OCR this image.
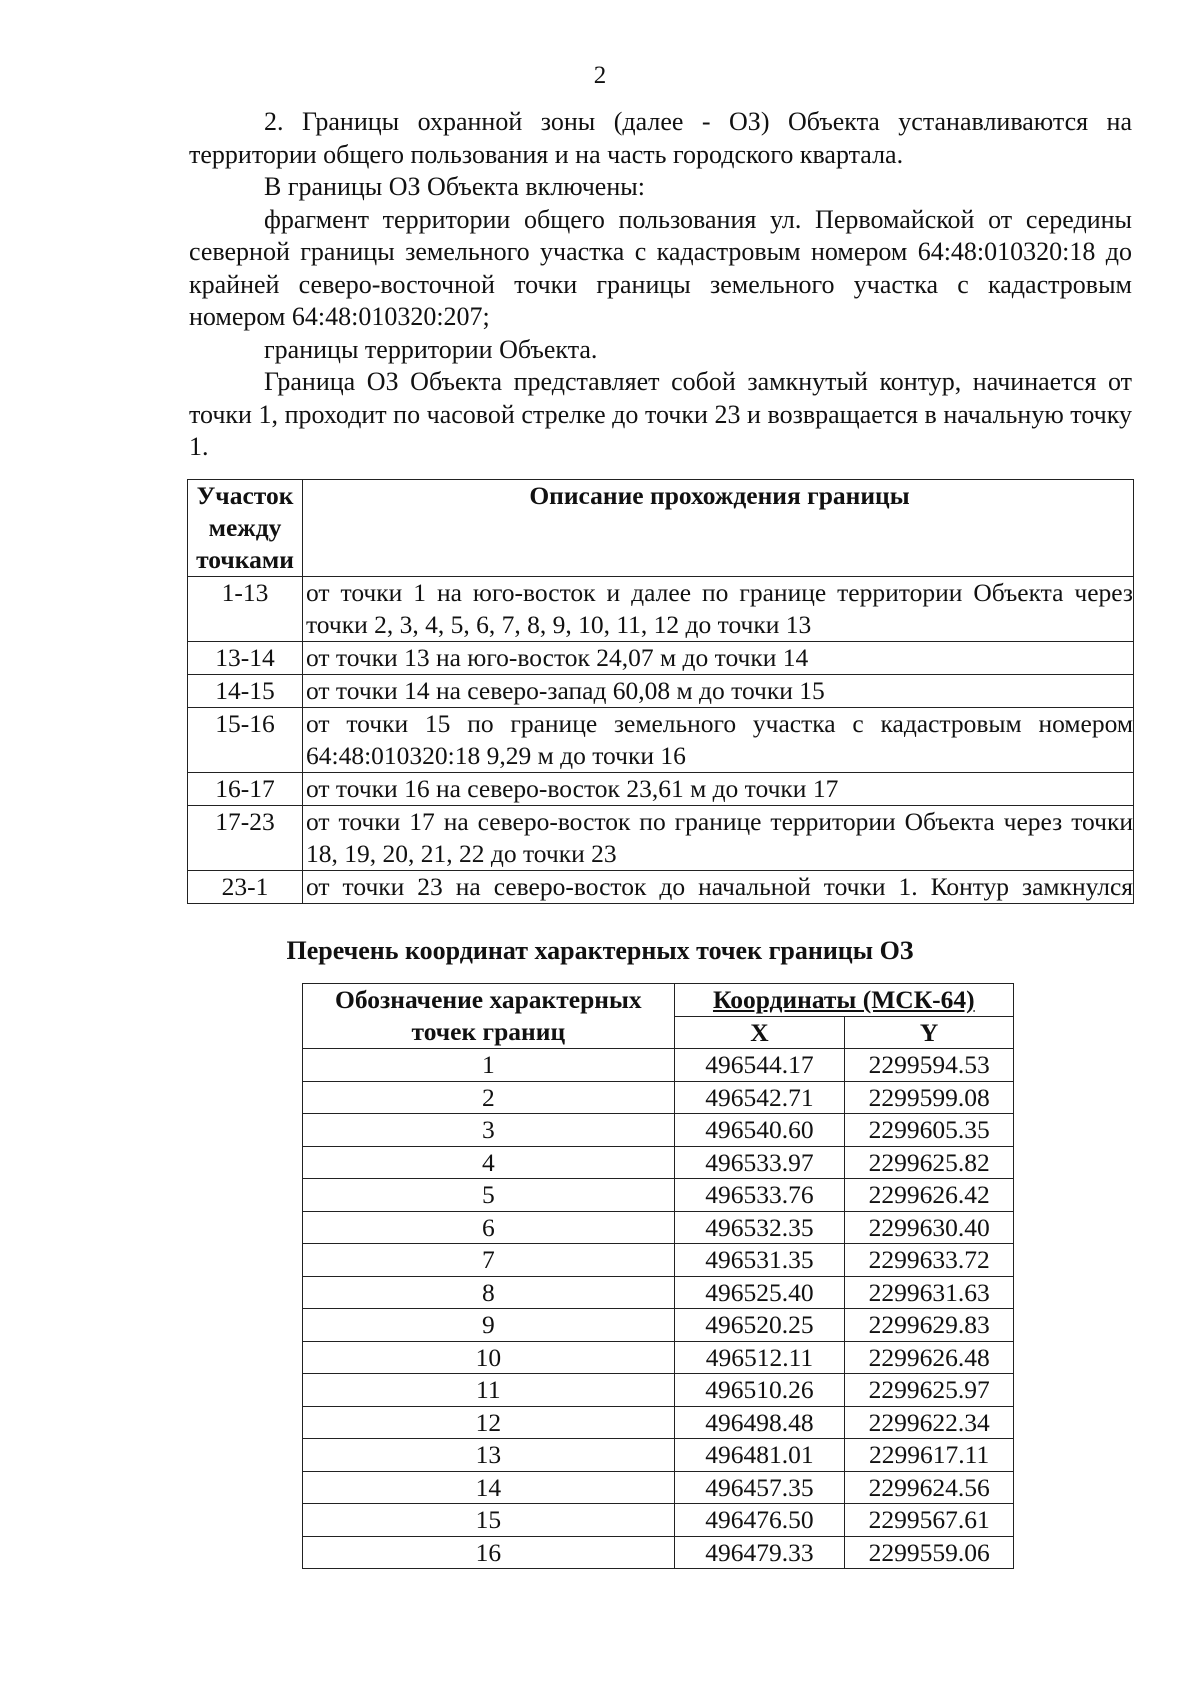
2

2. Границы охранной зоны (далее - ОЗ) Объекта устанавливаются на территории общего пользования и на часть городского квартала.

В границы ОЗ Объекта включены:

фрагмент территории общего пользования ул. Первомайской от середины северной границы земельного участка с кадастровым номером 64:48:010320:18 до крайней северо-восточной точки границы земельного участка с кадастровым номером 64:48:010320:207;

границы территории Объекта.

Граница ОЗ Объекта представляет собой замкнутый контур, начинается от точки 1, проходит по часовой стрелке до точки 23 и возвращается в начальную точку 1.

Участок между точками	Описание прохождения границы
1-13	от точки 1 на юго-восток и далее по границе территории Объекта через точки 2, 3, 4, 5, 6, 7, 8, 9, 10, 11, 12 до точки 13
13-14	от точки 13 на юго-восток 24,07 м до точки 14
14-15	от точки 14 на северо-запад 60,08 м до точки 15
15-16	от точки 15 по границе земельного участка с кадастровым номером 64:48:010320:18 9,29 м до точки 16
16-17	от точки 16 на северо-восток 23,61 м до точки 17
17-23	от точки 17 на северо-восток по границе территории Объекта через точки 18, 19, 20, 21, 22 до точки 23
23-1	от точки 23 на северо-восток до начальной точки 1. Контур замкнулся
Перечень координат характерных точек границы ОЗ
Обозначение характерных точек границ	Координаты (МСК-64)	
	X	Y
1	496544.17	2299594.53
2	496542.71	2299599.08
3	496540.60	2299605.35
4	496533.97	2299625.82
5	496533.76	2299626.42
6	496532.35	2299630.40
7	496531.35	2299633.72
8	496525.40	2299631.63
9	496520.25	2299629.83
10	496512.11	2299626.48
11	496510.26	2299625.97
12	496498.48	2299622.34
13	496481.01	2299617.11
14	496457.35	2299624.56
15	496476.50	2299567.61
16	496479.33	2299559.06
